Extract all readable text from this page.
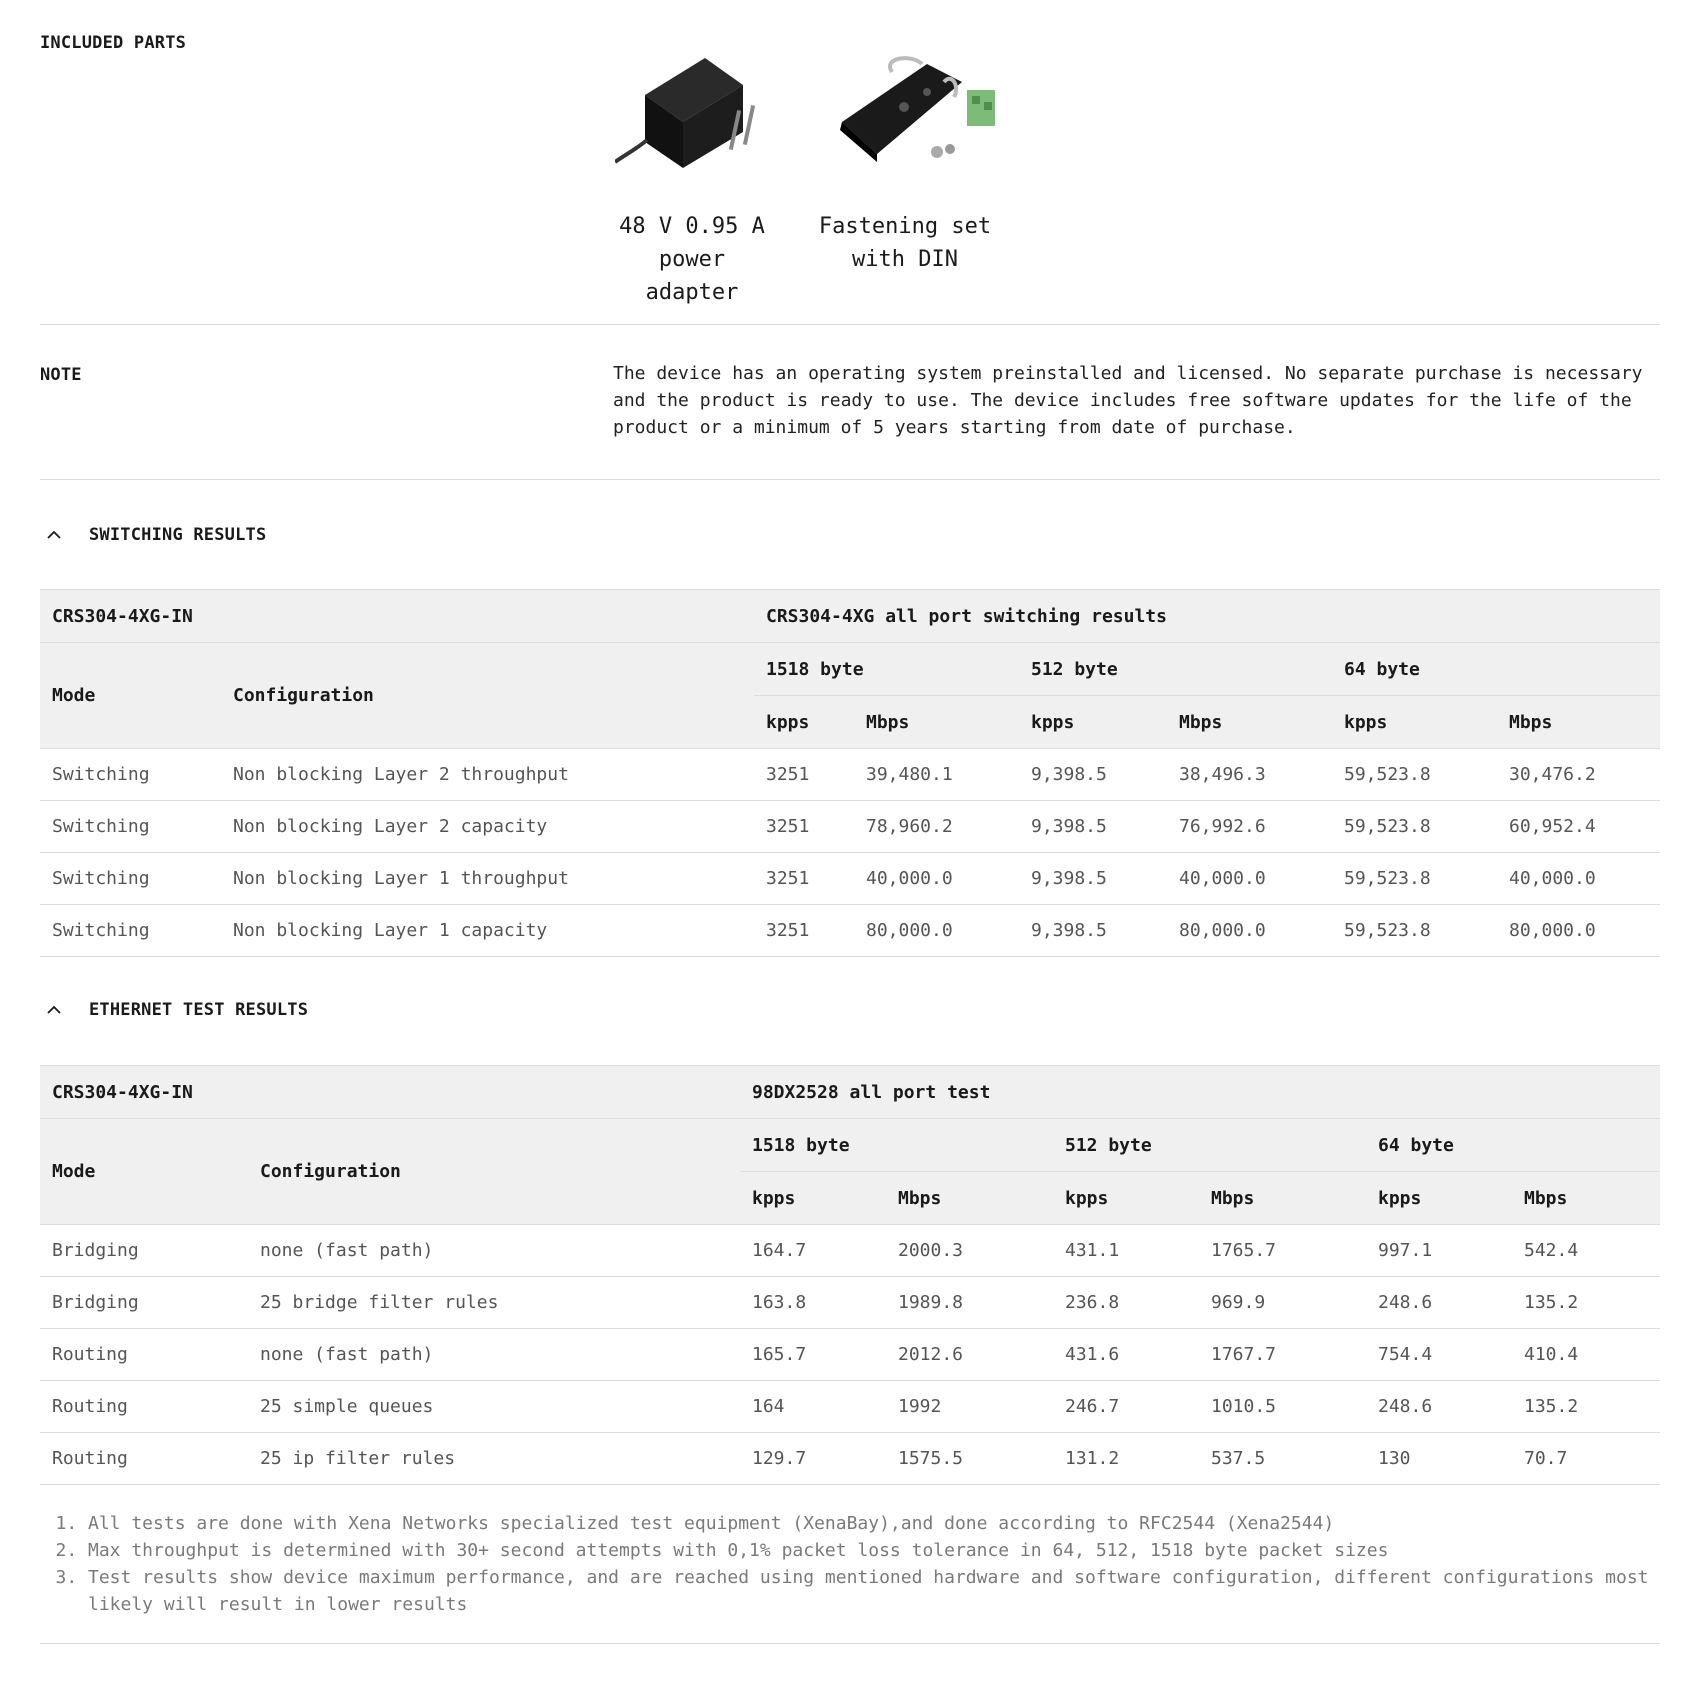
INCLUDED PARTS
48 V 0.95 A
power adapter
Fastening set
with DIN
NOTE	The device has an operating system preinstalled and licensed. No separate purchase is necessary and the product is ready to use. The device includes free software updates for the life of the product or a minimum of 5 years starting from date of purchase.
SWITCHING RESULTS
CRS304-4XG-IN		CRS304-4XG all port switching results					
Mode	Configuration	1518 byte		512 byte		64 byte	
		kpps	Mbps	kpps	Mbps	kpps	Mbps
Switching	Non blocking Layer 2 throughput	3251	39,480.1	9,398.5	38,496.3	59,523.8	30,476.2
Switching	Non blocking Layer 2 capacity	3251	78,960.2	9,398.5	76,992.6	59,523.8	60,952.4
Switching	Non blocking Layer 1 throughput	3251	40,000.0	9,398.5	40,000.0	59,523.8	40,000.0
Switching	Non blocking Layer 1 capacity	3251	80,000.0	9,398.5	80,000.0	59,523.8	80,000.0
ETHERNET TEST RESULTS
CRS304-4XG-IN		98DX2528 all port test					
Mode	Configuration	1518 byte		512 byte		64 byte	
		kpps	Mbps	kpps	Mbps	kpps	Mbps
Bridging	none (fast path)	164.7	2000.3	431.1	1765.7	997.1	542.4
Bridging	25 bridge filter rules	163.8	1989.8	236.8	969.9	248.6	135.2
Routing	none (fast path)	165.7	2012.6	431.6	1767.7	754.4	410.4
Routing	25 simple queues	164	1992	246.7	1010.5	248.6	135.2
Routing	25 ip filter rules	129.7	1575.5	131.2	537.5	130	70.7
1. All tests are done with Xena Networks specialized test equipment (XenaBay),and done according to RFC2544 (Xena2544)
2. Max throughput is determined with 30+ second attempts with 0,1% packet loss tolerance in 64, 512, 1518 byte packet sizes
3. Test results show device maximum performance, and are reached using mentioned hardware and software configuration, different configurations most likely will result in lower results
